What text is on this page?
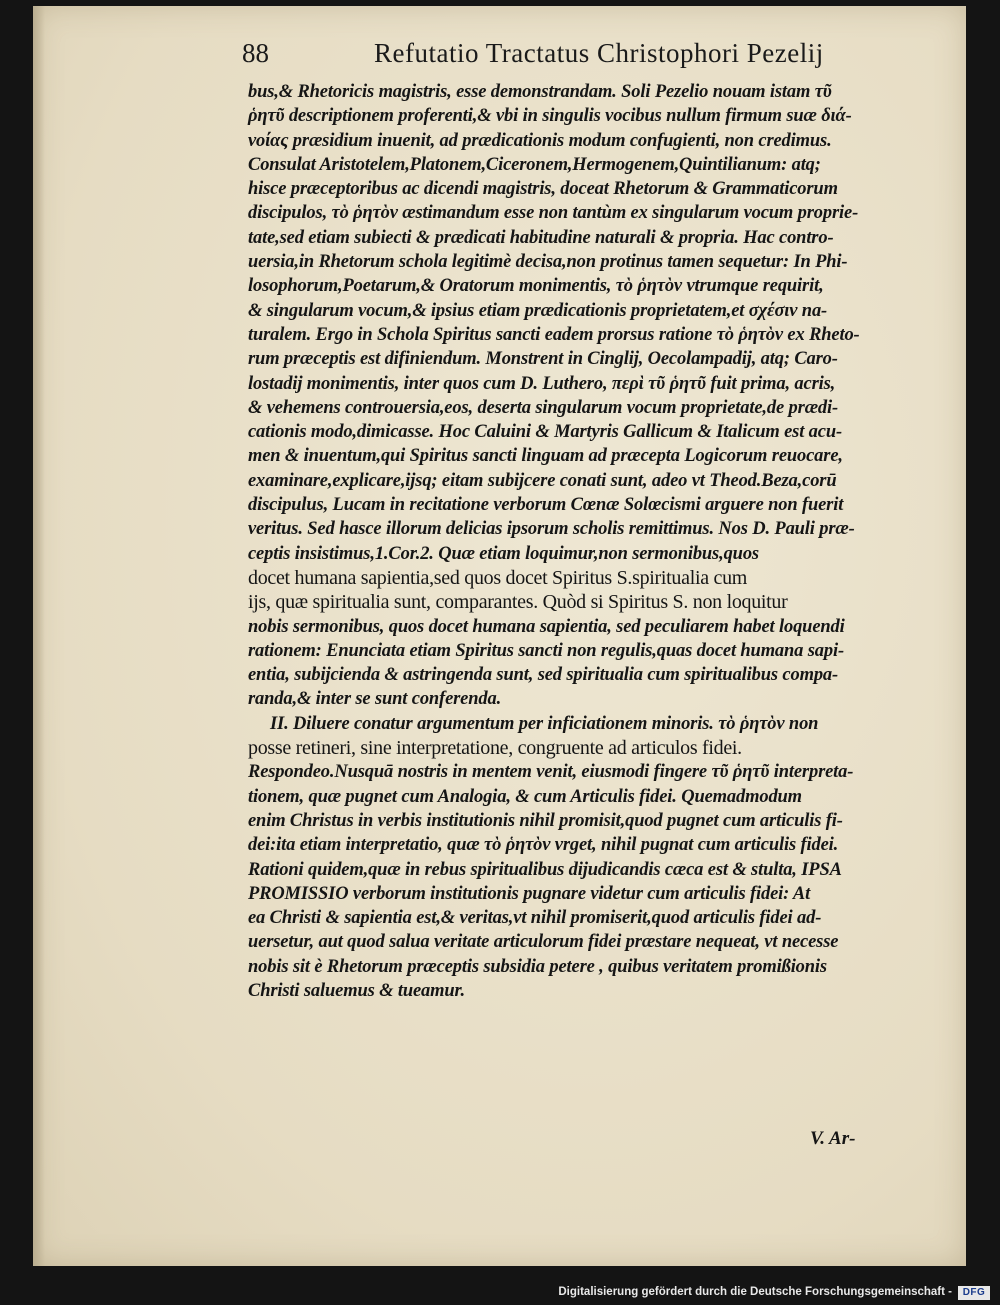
88	Refutatio Tractatus Christophori Pezelij
bus,& Rhetoricis magistris, esse demonstrandam. Soli Pezelio nouam istam τῦ
ῥητῦ descriptionem proferenti,& vbi in singulis vocibus nullum firmum suæ διά-
νοίας præsidium inuenit, ad prædicationis modum confugienti, non credimus.
Consulat Aristotelem,Platonem,Ciceronem,Hermogenem,Quintilianum: atq;
hisce præceptoribus ac dicendi magistris, doceat Rhetorum & Grammaticorum
discipulos, τὸ ῥητὸν æstimandum esse non tantùm ex singularum vocum proprie-
tate,sed etiam subiecti & prædicati habitudine naturali & propria. Hac contro-
uersia,in Rhetorum schola legitimè decisa,non protinus tamen sequetur: In Phi-
losophorum,Poetarum,& Oratorum monimentis, τὸ ῥητὸν vtrumque requirit,
& singularum vocum,& ipsius etiam prædicationis proprietatem,et σχέσιν na-
turalem. Ergo in Schola Spiritus sancti eadem prorsus ratione τὸ ῥητὸν ex Rheto-
rum præceptis est difiniendum. Monstrent in Cinglij, Oecolampadij, atq; Caro-
lostadij monimentis, inter quos cum D. Luthero, περὶ τῦ ῥητῦ fuit prima, acris,
& vehemens controuersia,eos, deserta singularum vocum proprietate,de prædi-
cationis modo,dimicasse. Hoc Caluini & Martyris Gallicum & Italicum est acu-
men & inuentum,qui Spiritus sancti linguam ad præcepta Logicorum reuocare,
examinare,explicare,ijsq; eitam subijcere conati sunt, adeo vt Theod.Beza,corū
discipulus, Lucam in recitatione verborum Cœnæ Solœcismi arguere non fuerit
veritus. Sed hasce illorum delicias ipsorum scholis remittimus. Nos D. Pauli præ-
ceptis insistimus,1.Cor.2. Quæ etiam loquimur,non sermonibus,quos
docet humana sapientia,sed quos docet Spiritus S.spiritualia cum
ijs, quæ spiritualia sunt, comparantes. Quòd si Spiritus S. non loquitur
nobis sermonibus, quos docet humana sapientia, sed peculiarem habet loquendi
rationem: Enunciata etiam Spiritus sancti non regulis,quas docet humana sapi-
entia, subijcienda & astringenda sunt, sed spiritualia cum spiritualibus compa-
randa,& inter se sunt conferenda.
II. Diluere conatur argumentum per inficiationem minoris. τὸ ῥητὸν non
posse retineri, sine interpretatione, congruente ad articulos fidei.
Respondeo.Nusquā nostris in mentem venit, eiusmodi fingere τῦ ῥητῦ interpreta-
tionem, quæ pugnet cum Analogia, & cum Articulis fidei. Quemadmodum
enim Christus in verbis institutionis nihil promisit,quod pugnet cum articulis fi-
dei:ita etiam interpretatio, quæ τὸ ῥητὸν vrget, nihil pugnat cum articulis fidei.
Rationi quidem,quæ in rebus spiritualibus dijudicandis cæca est & stulta, IPSA
PROMISSIO verborum institutionis pugnare videtur cum articulis fidei: At
ea Christi & sapientia est,& veritas,vt nihil promiserit,quod articulis fidei ad-
uersetur, aut quod salua veritate articulorum fidei præstare nequeat, vt necesse
nobis sit è Rhetorum præceptis subsidia petere , quibus veritatem promißionis
Christi saluemus & tueamur.
V. Ar-
Digitalisierung gefördert durch die Deutsche Forschungsgemeinschaft -	DFG
